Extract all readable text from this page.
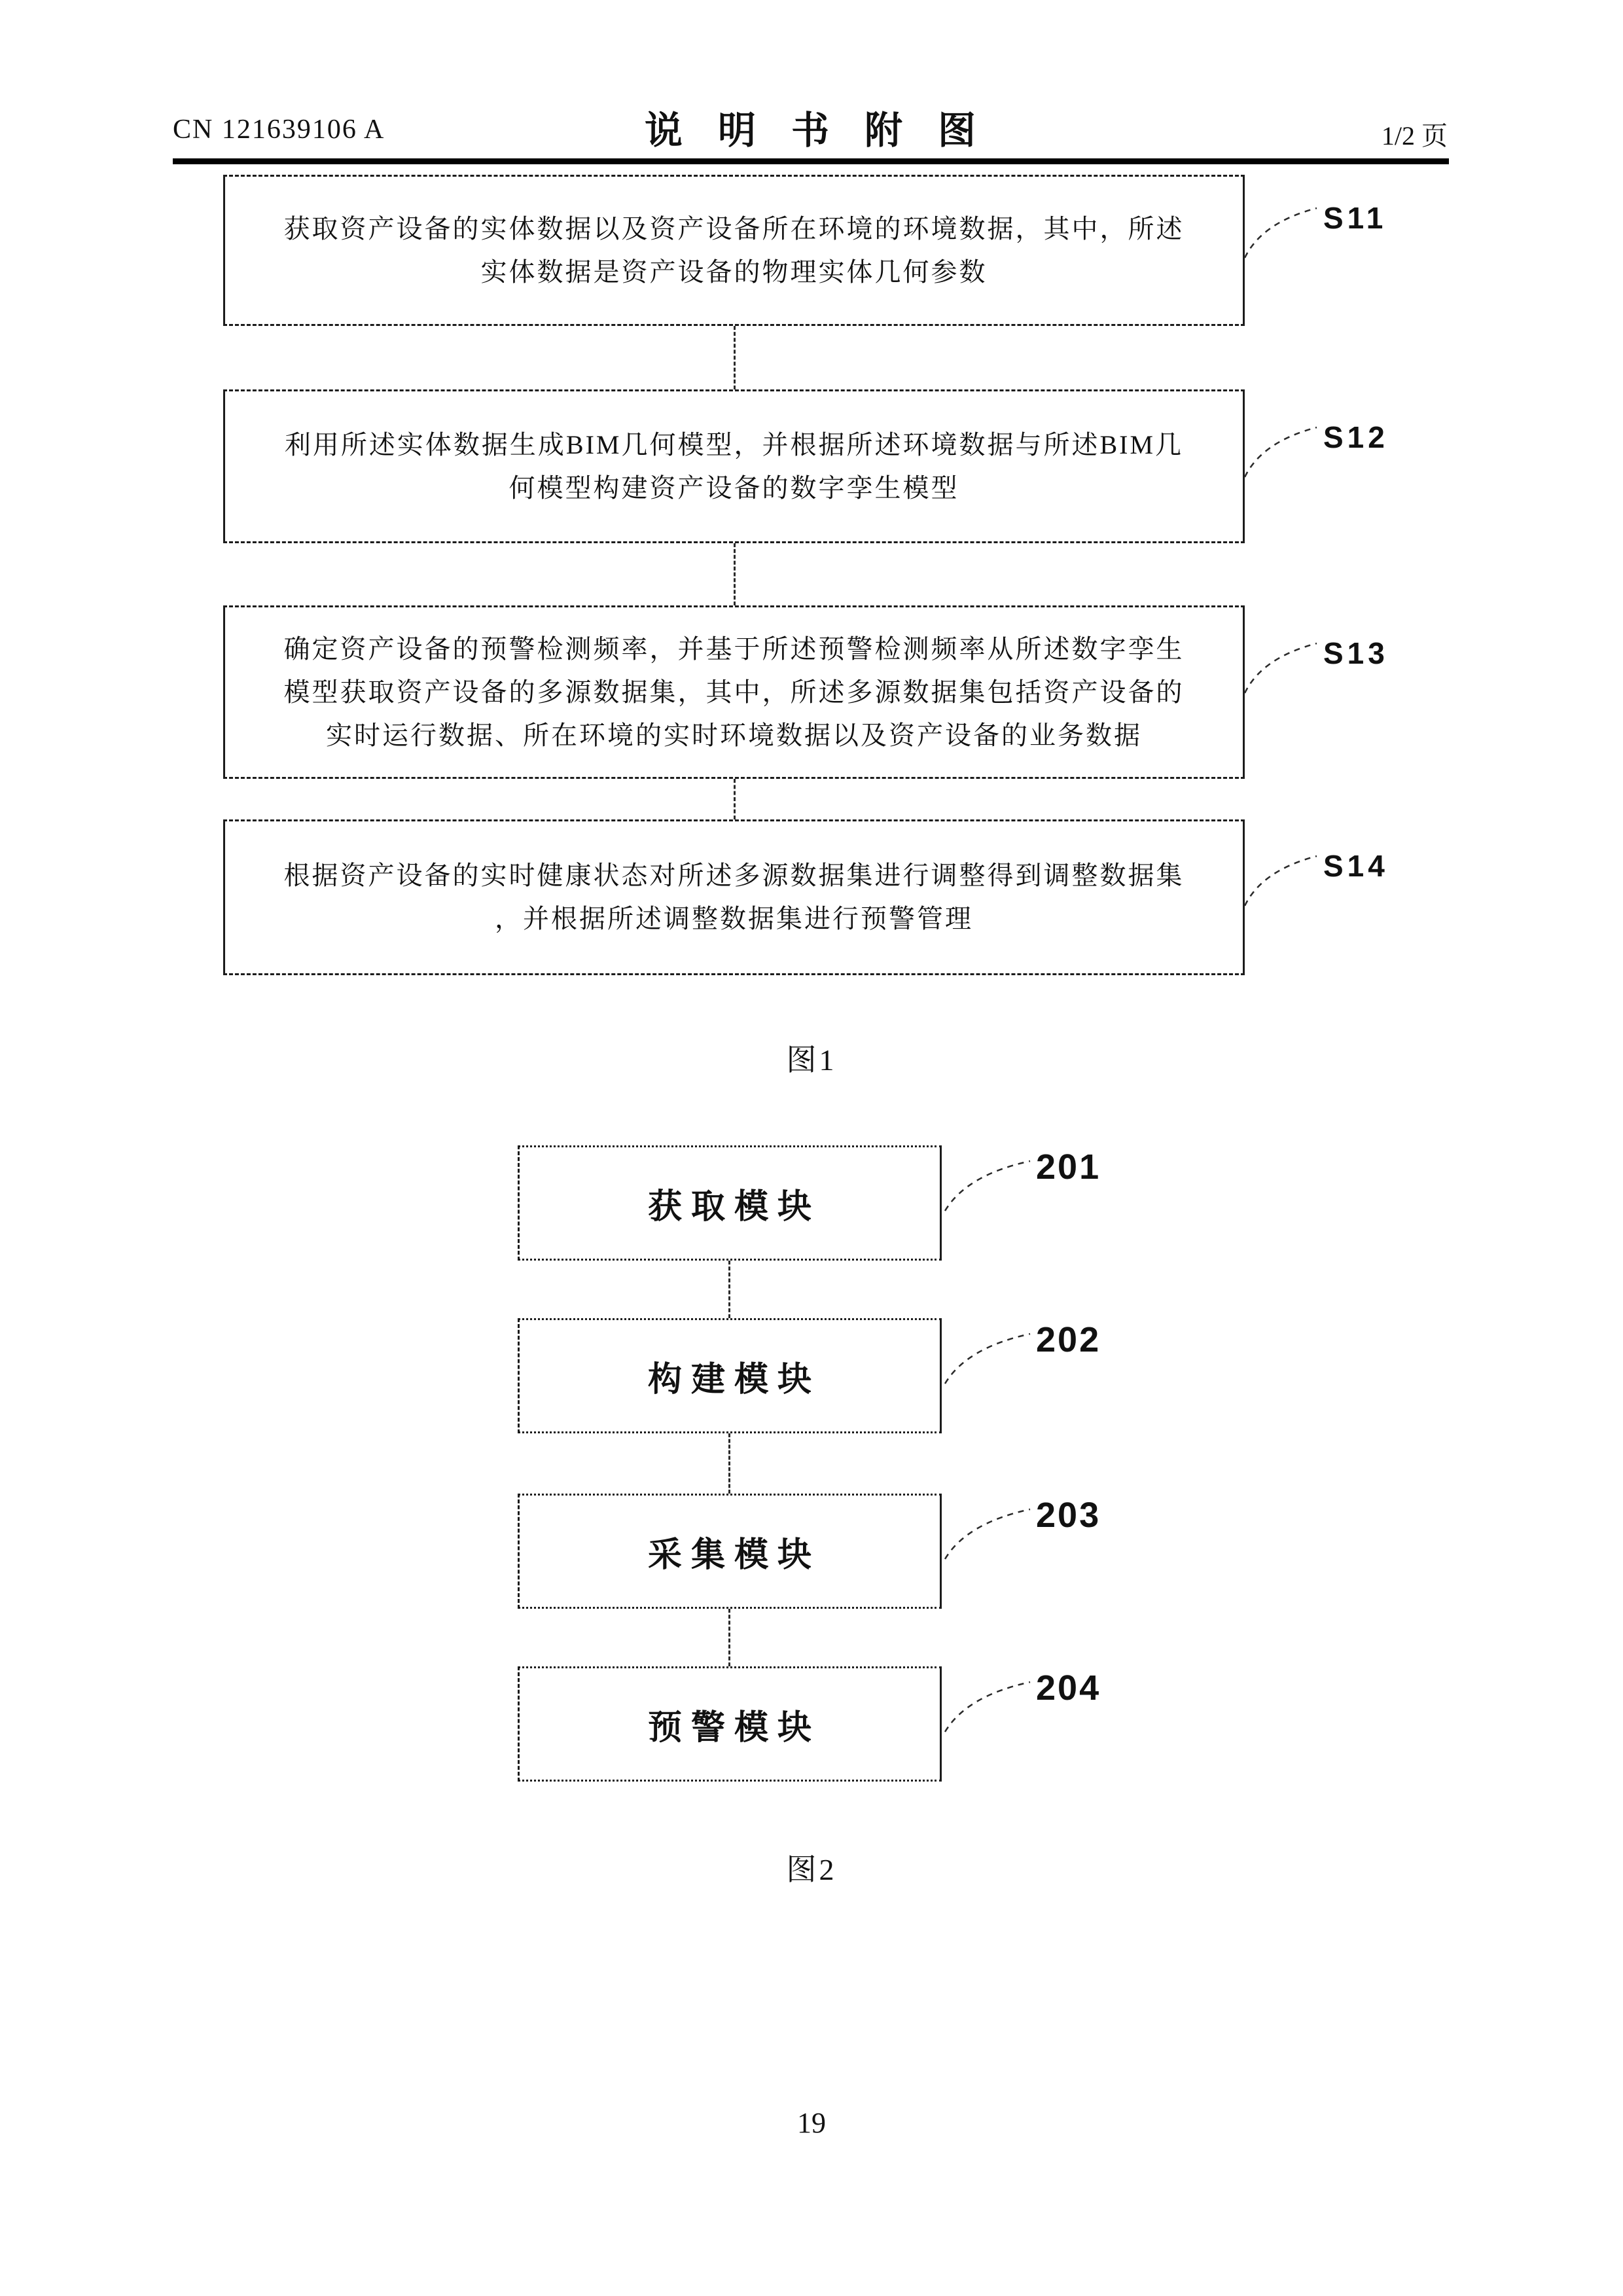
CN 121639106 A	说明书附图	1/2 页
获取资产设备的实体数据以及资产设备所在环境的环境数据，其中，所述
实体数据是资产设备的物理实体几何参数
S11
利用所述实体数据生成BIM几何模型，并根据所述环境数据与所述BIM几
何模型构建资产设备的数字孪生模型
S12
确定资产设备的预警检测频率，并基于所述预警检测频率从所述数字孪生
模型获取资产设备的多源数据集，其中，所述多源数据集包括资产设备的
实时运行数据、所在环境的实时环境数据以及资产设备的业务数据
S13
根据资产设备的实时健康状态对所述多源数据集进行调整得到调整数据集
，并根据所述调整数据集进行预警管理
S14
图1
获取模块
201
构建模块
202
采集模块
203
预警模块
204
图2
19
